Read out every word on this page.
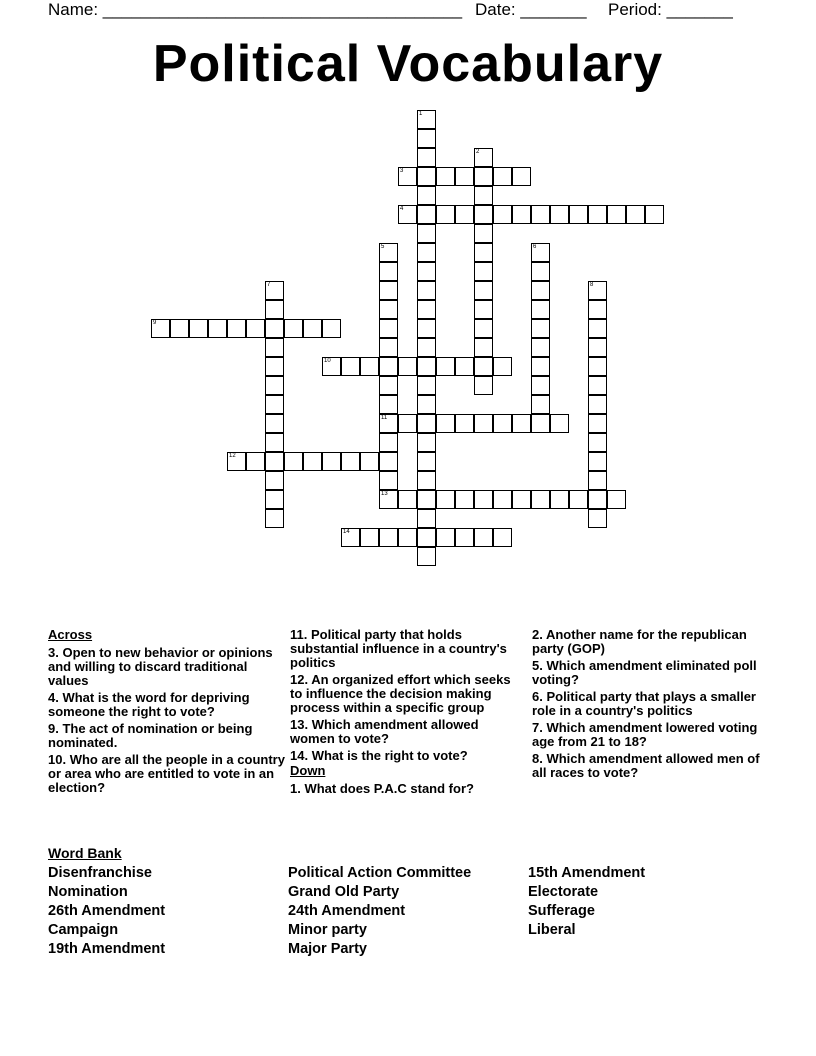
Name: ______________________________________ Date: _______ Period: _______
Political Vocabulary
1
2
3
4
5
11
6
7	8
9
10
12
13
14
Across
3. Open to new behavior or opinions and willing to discard traditional values
4. What is the word for depriving someone the right to vote?
9. The act of nomination or being nominated.
10. Who are all the people in a country or area who are entitled to vote in an election?
11. Political party that holds substantial influence in a country's politics
12. An organized effort which seeks to influence the decision making process within a specific group
13. Which amendment allowed women to vote?
14. What is the right to vote?
Down
1. What does P.A.C stand for?
2. Another name for the republican party (GOP)
5. Which amendment eliminated poll voting?
6. Political party that plays a smaller role in a country's politics
7. Which amendment lowered voting age from 21 to 18?
8. Which amendment allowed men of all races to vote?
Word Bank
Disenfranchise
Nomination
26th Amendment
Campaign
19th Amendment
Political Action Committee
Grand Old Party
24th Amendment
Minor party
Major Party
15th Amendment
Electorate
Sufferage
Liberal
